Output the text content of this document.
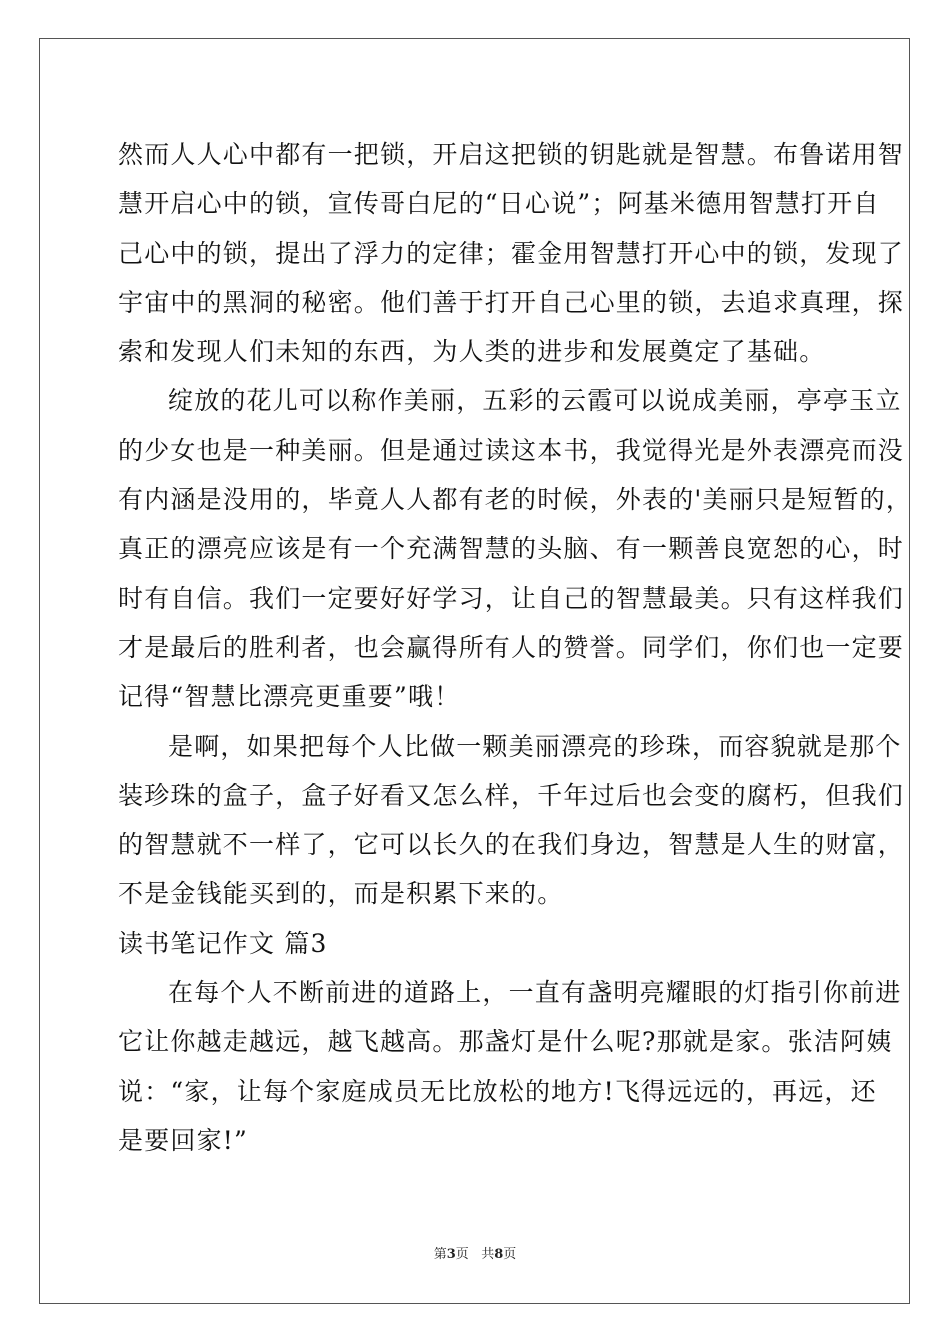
然而人人心中都有一把锁，开启这把锁的钥匙就是智慧。布鲁诺用智
慧开启心中的锁，宣传哥白尼的“日心说”；阿基米德用智慧打开自
己心中的锁，提出了浮力的定律；霍金用智慧打开心中的锁，发现了
宇宙中的黑洞的秘密。他们善于打开自己心里的锁，去追求真理，探
索和发现人们未知的东西，为人类的进步和发展奠定了基础。
绽放的花儿可以称作美丽，五彩的云霞可以说成美丽，亭亭玉立
的少女也是一种美丽。但是通过读这本书，我觉得光是外表漂亮而没
有内涵是没用的，毕竟人人都有老的时候，外表的'美丽只是短暂的，
真正的漂亮应该是有一个充满智慧的头脑、有一颗善良宽恕的心，时
时有自信。我们一定要好好学习，让自己的智慧最美。只有这样我们
才是最后的胜利者，也会赢得所有人的赞誉。同学们，你们也一定要
记得“智慧比漂亮更重要”哦！
是啊，如果把每个人比做一颗美丽漂亮的珍珠，而容貌就是那个
装珍珠的盒子，盒子好看又怎么样，千年过后也会变的腐朽，但我们
的智慧就不一样了，它可以长久的在我们身边，智慧是人生的财富，
不是金钱能买到的，而是积累下来的。
读书笔记作文 篇3
在每个人不断前进的道路上，一直有盏明亮耀眼的灯指引你前进
它让你越走越远，越飞越高。那盏灯是什么呢?那就是家。张洁阿姨
说：“家，让每个家庭成员无比放松的地方!飞得远远的，再远，还
是要回家!”
第3页   共8页
